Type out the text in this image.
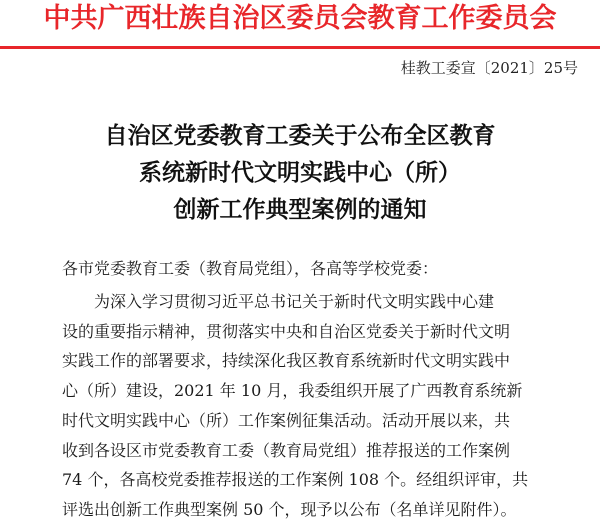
中共广西壮族自治区委员会教育工作委员会
桂教工委宣〔2021〕25号
自治区党委教育工委关于公布全区教育
系统新时代文明实践中心（所）
创新工作典型案例的通知
各市党委教育工委（教育局党组），各高等学校党委：
为深入学习贯彻习近平总书记关于新时代文明实践中心建
设的重要指示精神，贯彻落实中央和自治区党委关于新时代文明
实践工作的部署要求，持续深化我区教育系统新时代文明实践中
心（所）建设，2021 年 10 月，我委组织开展了广西教育系统新
时代文明实践中心（所）工作案例征集活动。活动开展以来，共
收到各设区市党委教育工委（教育局党组）推荐报送的工作案例
74 个，各高校党委推荐报送的工作案例 108 个。经组织评审，共
评选出创新工作典型案例 50 个，现予以公布（名单详见附件）。
